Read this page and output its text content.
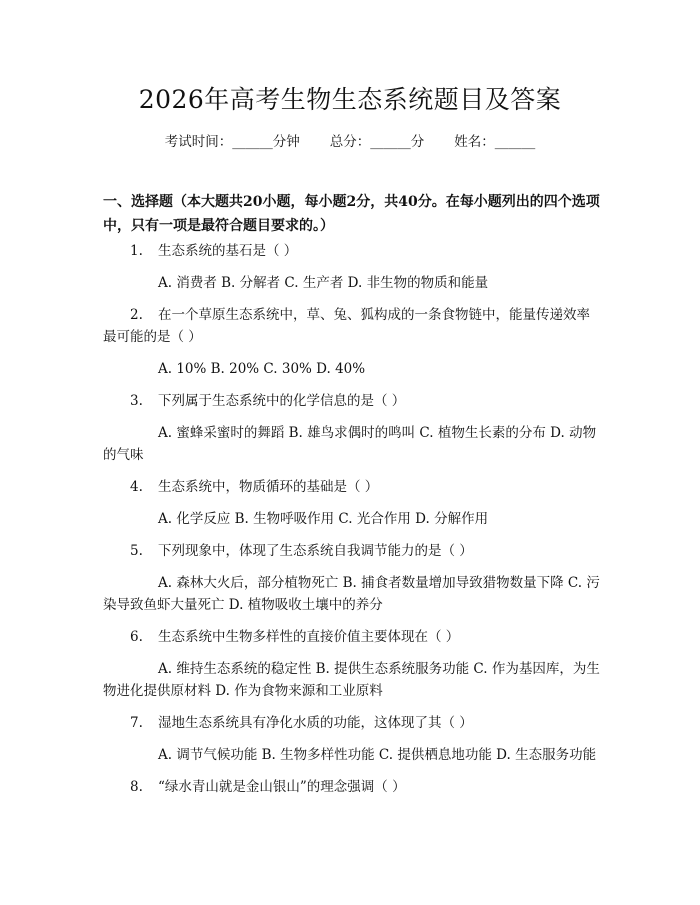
2026年高考生物生态系统题目及答案
考试时间：______分钟 总分：______分 姓名：______
一、选择题（本大题共20小题，每小题2分，共40分。在每小题列出的四个选项中，只有一项是最符合题目要求的。）
1. 生态系统的基石是（ ）
A. 消费者 B. 分解者 C. 生产者 D. 非生物的物质和能量
2. 在一个草原生态系统中，草、兔、狐构成的一条食物链中，能量传递效率最可能的是（ ）
A. 10% B. 20% C. 30% D. 40%
3. 下列属于生态系统中的化学信息的是（ ）
A. 蜜蜂采蜜时的舞蹈 B. 雄鸟求偶时的鸣叫 C. 植物生长素的分布 D. 动物的气味
4. 生态系统中，物质循环的基础是（ ）
A. 化学反应 B. 生物呼吸作用 C. 光合作用 D. 分解作用
5. 下列现象中，体现了生态系统自我调节能力的是（ ）
A. 森林大火后，部分植物死亡 B. 捕食者数量增加导致猎物数量下降 C. 污染导致鱼虾大量死亡 D. 植物吸收土壤中的养分
6. 生态系统中生物多样性的直接价值主要体现在（ ）
A. 维持生态系统的稳定性 B. 提供生态系统服务功能 C. 作为基因库，为生物进化提供原材料 D. 作为食物来源和工业原料
7. 湿地生态系统具有净化水质的功能，这体现了其（ ）
A. 调节气候功能 B. 生物多样性功能 C. 提供栖息地功能 D. 生态服务功能
8. “绿水青山就是金山银山”的理念强调（ ）
